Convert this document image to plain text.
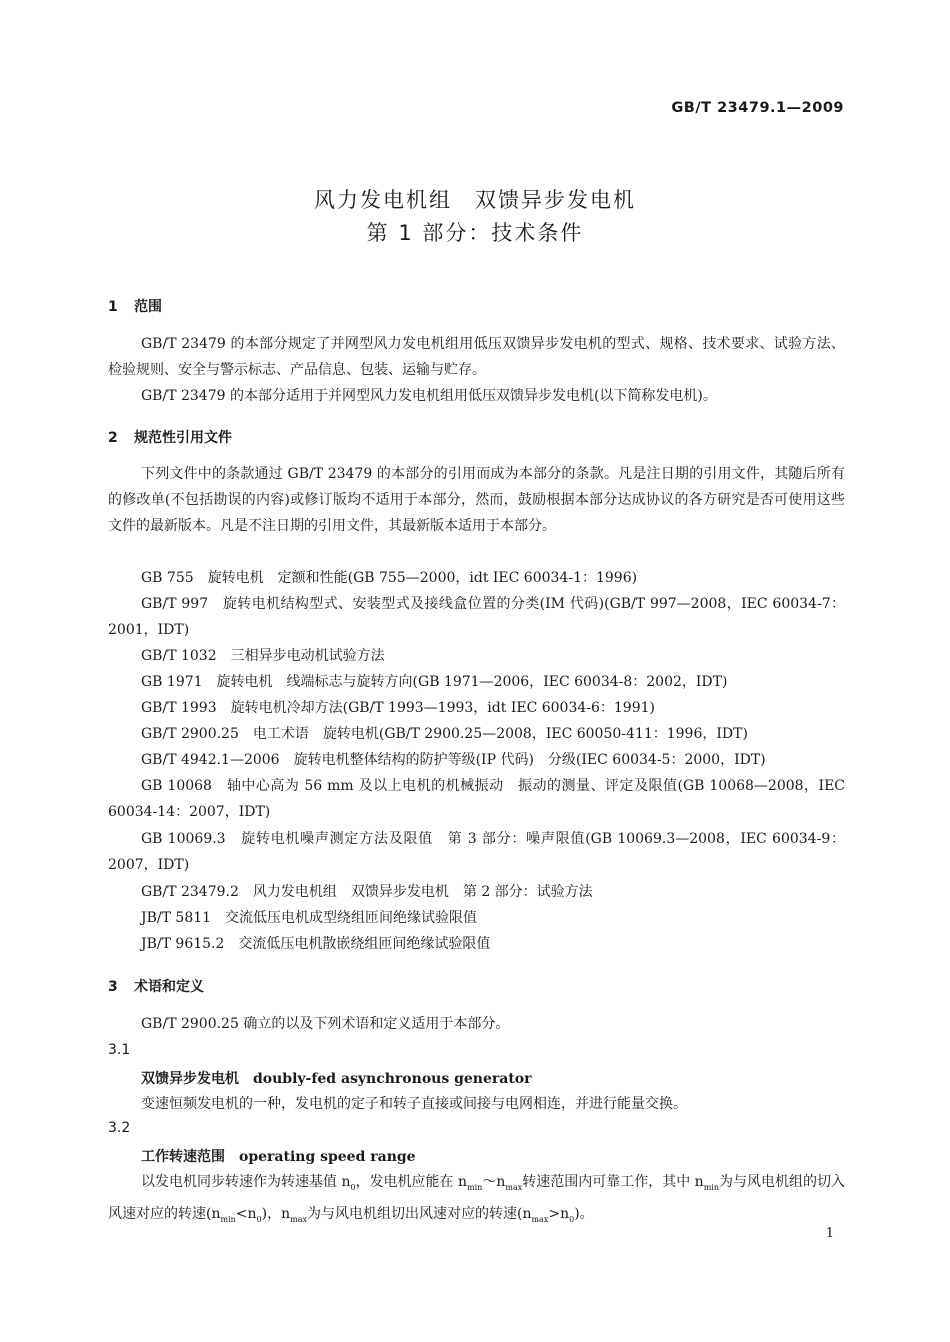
GB/T 23479.1—2009
风力发电机组　双馈异步发电机
第 1 部分：技术条件
1 范围

GB/T 23479 的本部分规定了并网型风力发电机组用低压双馈异步发电机的型式、规格、技术要求、试验方法、检验规则、安全与警示标志、产品信息、包装、运输与贮存。

GB/T 23479 的本部分适用于并网型风力发电机组用低压双馈异步发电机(以下简称发电机)。

2 规范性引用文件

下列文件中的条款通过 GB/T 23479 的本部分的引用而成为本部分的条款。凡是注日期的引用文件，其随后所有的修改单(不包括勘误的内容)或修订版均不适用于本部分，然而，鼓励根据本部分达成协议的各方研究是否可使用这些文件的最新版本。凡是不注日期的引用文件，其最新版本适用于本部分。

GB 755　旋转电机　定额和性能(GB 755—2000，idt IEC 60034-1：1996)

GB/T 997　旋转电机结构型式、安装型式及接线盒位置的分类(IM 代码)(GB/T 997—2008，IEC 60034-7：2001，IDT)

GB/T 1032　三相异步电动机试验方法

GB 1971　旋转电机　线端标志与旋转方向(GB 1971—2006，IEC 60034-8：2002，IDT)

GB/T 1993　旋转电机冷却方法(GB/T 1993—1993，idt IEC 60034-6：1991)

GB/T 2900.25　电工术语　旋转电机(GB/T 2900.25—2008，IEC 60050-411：1996，IDT)

GB/T 4942.1—2006　旋转电机整体结构的防护等级(IP 代码)　分级(IEC 60034-5：2000，IDT)

GB 10068　轴中心高为 56 mm 及以上电机的机械振动　振动的测量、评定及限值(GB 10068—2008，IEC 60034-14：2007，IDT)

GB 10069.3　旋转电机噪声测定方法及限值　第 3 部分：噪声限值(GB 10069.3—2008，IEC 60034-9：2007，IDT)

GB/T 23479.2　风力发电机组　双馈异步发电机　第 2 部分：试验方法

JB/T 5811　交流低压电机成型绕组匝间绝缘试验限值

JB/T 9615.2　交流低压电机散嵌绕组匝间绝缘试验限值

3 术语和定义

GB/T 2900.25 确立的以及下列术语和定义适用于本部分。

3.1
双馈异步发电机 doubly-fed asynchronous generator

变速恒频发电机的一种，发电机的定子和转子直接或间接与电网相连，并进行能量交换。

3.2
工作转速范围 operating speed range

以发电机同步转速作为转速基值 $n_0$，发电机应能在 $n_{min}\sim n_{max}$转速范围内可靠工作，其中 $n_{min}$为与风电机组的切入风速对应的转速$(n_{min}<n_0)$，$n_{max}$为与风电机组切出风速对应的转速$(n_{max}>n_0)$。

1
